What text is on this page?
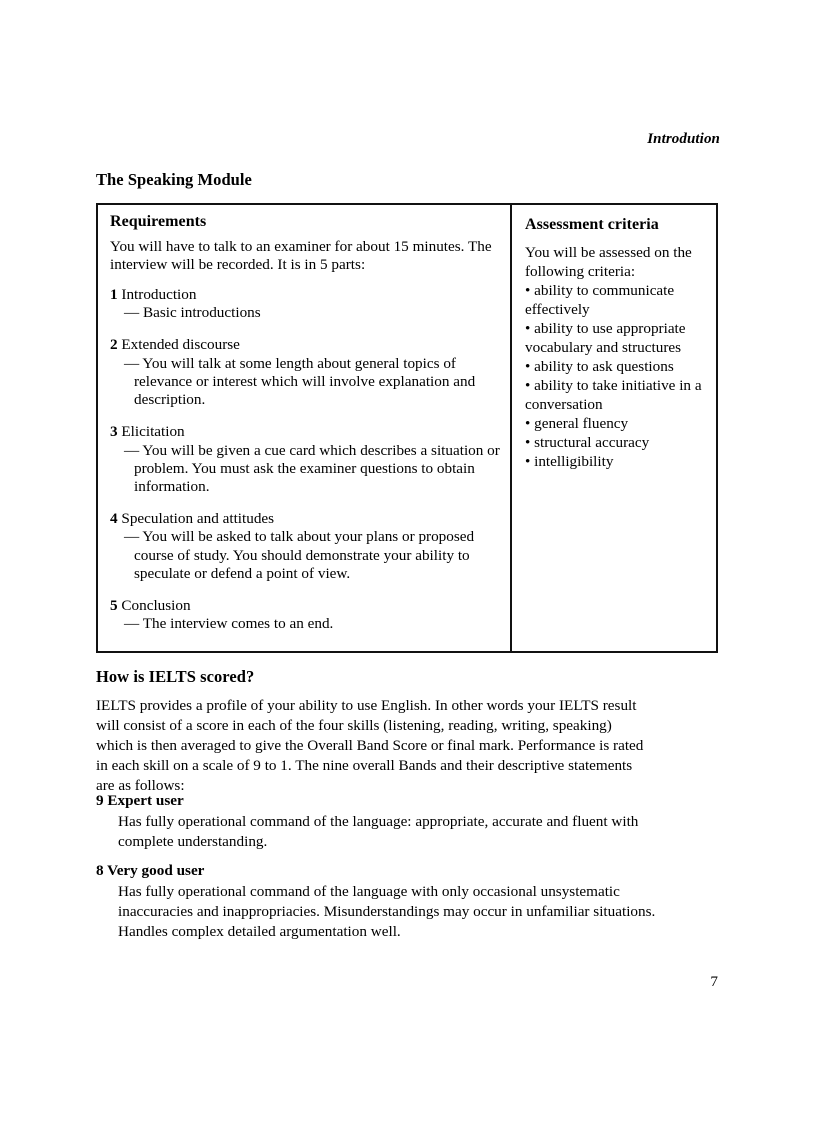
Introdution
The Speaking Module
Requirements

You will have to talk to an examiner for about 15 minutes. The interview will be recorded. It is in 5 parts:

1 Introduction

— Basic introductions

2 Extended discourse

— You will talk at some length about general topics of relevance or interest which will involve explanation and description.

3 Elicitation

— You will be given a cue card which describes a situation or problem. You must ask the examiner questions to obtain information.

4 Speculation and attitudes

— You will be asked to talk about your plans or proposed course of study. You should demonstrate your ability to speculate or defend a point of view.

5 Conclusion

— The interview comes to an end.

Assessment criteria

You will be assessed on the following criteria:

• ability to communicate effectively
• ability to use appropriate vocabulary and structures
• ability to ask questions
• ability to take initiative in a conversation
• general fluency
• structural accuracy
• intelligibility
How is IELTS scored?
IELTS provides a profile of your ability to use English. In other words your IELTS result will consist of a score in each of the four skills (listening, reading, writing, speaking) which is then averaged to give the Overall Band Score or final mark. Performance is rated in each skill on a scale of 9 to 1. The nine overall Bands and their descriptive statements are as follows:

9 Expert user

Has fully operational command of the language: appropriate, accurate and fluent with complete understanding.

8 Very good user

Has fully operational command of the language with only occasional unsystematic inaccuracies and inappropriacies. Misunderstandings may occur in unfamiliar situations. Handles complex detailed argumentation well.

7
